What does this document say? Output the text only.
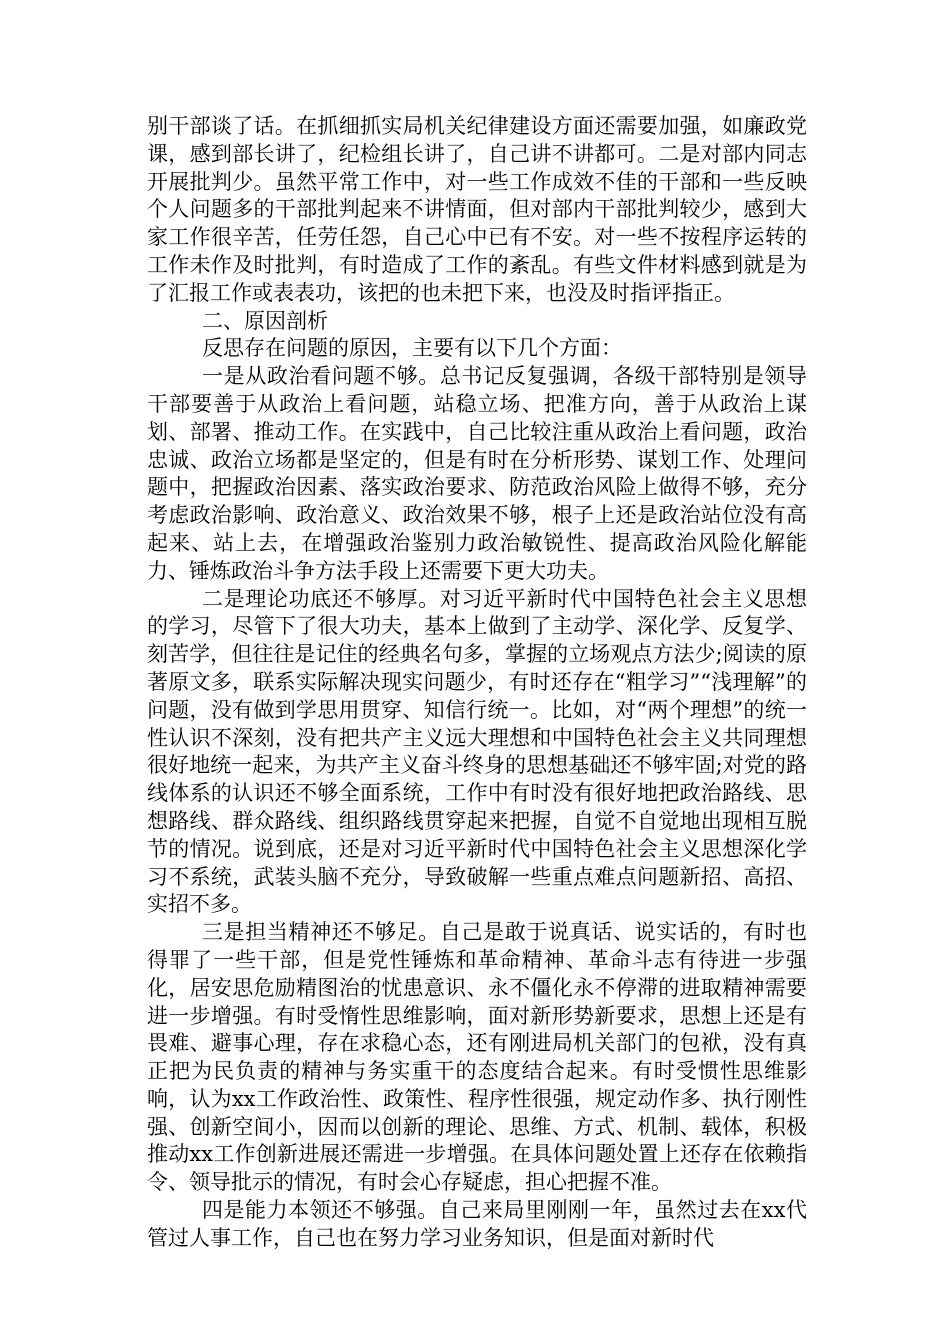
别干部谈了话。在抓细抓实局机关纪律建设方面还需要加强，如廉政党课，感到部长讲了，纪检组长讲了，自己讲不讲都可。二是对部内同志开展批判少。虽然平常工作中，对一些工作成效不佳的干部和一些反映个人问题多的干部批判起来不讲情面，但对部内干部批判较少，感到大家工作很辛苦，任劳任怨，自己心中已有不安。对一些不按程序运转的工作未作及时批判，有时造成了工作的紊乱。有些文件材料感到就是为了汇报工作或表表功，该把的也未把下来，也没及时指评指正。

二、原因剖析

反思存在问题的原因，主要有以下几个方面：

一是从政治看问题不够。总书记反复强调，各级干部特别是领导干部要善于从政治上看问题，站稳立场、把准方向，善于从政治上谋划、部署、推动工作。在实践中，自己比较注重从政治上看问题，政治忠诚、政治立场都是坚定的，但是有时在分析形势、谋划工作、处理问题中，把握政治因素、落实政治要求、防范政治风险上做得不够，充分考虑政治影响、政治意义、政治效果不够，根子上还是政治站位没有高起来、站上去，在增强政治鉴别力政治敏锐性、提高政治风险化解能力、锤炼政治斗争方法手段上还需要下更大功夫。

二是理论功底还不够厚。对习近平新时代中国特色社会主义思想的学习，尽管下了很大功夫，基本上做到了主动学、深化学、反复学、刻苦学，但往往是记住的经典名句多，掌握的立场观点方法少;阅读的原著原文多，联系实际解决现实问题少，有时还存在“粗学习”“浅理解”的问题，没有做到学思用贯穿、知信行统一。比如，对“两个理想”的统一性认识不深刻，没有把共产主义远大理想和中国特色社会主义共同理想很好地统一起来，为共产主义奋斗终身的思想基础还不够牢固;对党的路线体系的认识还不够全面系统，工作中有时没有很好地把政治路线、思想路线、群众路线、组织路线贯穿起来把握，自觉不自觉地出现相互脱节的情况。说到底，还是对习近平新时代中国特色社会主义思想深化学习不系统，武装头脑不充分，导致破解一些重点难点问题新招、高招、实招不多。

三是担当精神还不够足。自己是敢于说真话、说实话的，有时也得罪了一些干部，但是党性锤炼和革命精神、革命斗志有待进一步强化，居安思危励精图治的忧患意识、永不僵化永不停滞的进取精神需要进一步增强。有时受惰性思维影响，面对新形势新要求，思想上还是有畏难、避事心理，存在求稳心态，还有刚进局机关部门的包袱，没有真正把为民负责的精神与务实重干的态度结合起来。有时受惯性思维影响，认为xx工作政治性、政策性、程序性很强，规定动作多、执行刚性强、创新空间小，因而以创新的理论、思维、方式、机制、载体，积极推动xx工作创新进展还需进一步增强。在具体问题处置上还存在依赖指令、领导批示的情况，有时会心存疑虑，担心把握不准。

四是能力本领还不够强。自己来局里刚刚一年，虽然过去在xx代管过人事工作，自己也在努力学习业务知识，但是面对新时代
